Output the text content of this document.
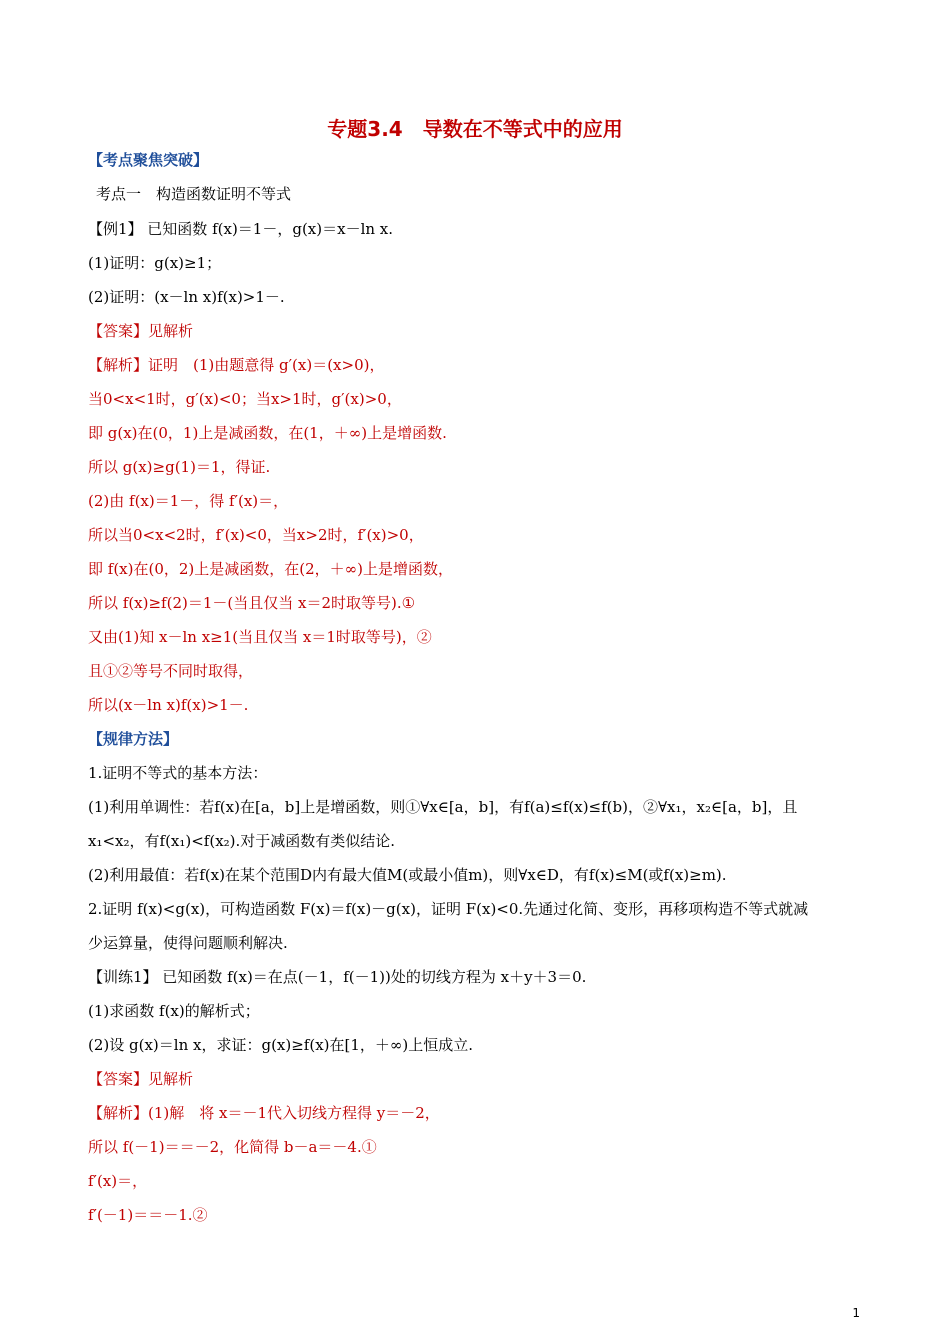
专题3.4　导数在不等式中的应用
【考点聚焦突破】
考点一　构造函数证明不等式
【例1】 已知函数 f(x)＝1－，g(x)＝x－ln x.
(1)证明：g(x)≥1；
(2)证明：(x－ln x)f(x)>1－.
【答案】见解析
【解析】证明　(1)由题意得 g′(x)＝(x>0)，
当0<x<1时，g′(x)<0；当x>1时，g′(x)>0，
即 g(x)在(0，1)上是减函数，在(1，＋∞)上是增函数.
所以 g(x)≥g(1)＝1，得证.
(2)由 f(x)＝1－，得 f′(x)＝，
所以当0<x<2时，f′(x)<0，当x>2时，f′(x)>0，
即 f(x)在(0，2)上是减函数，在(2，＋∞)上是增函数，
所以 f(x)≥f(2)＝1－(当且仅当 x＝2时取等号).①
又由(1)知 x－ln x≥1(当且仅当 x＝1时取等号)，②
且①②等号不同时取得，
所以(x－ln x)f(x)>1－.
【规律方法】
1.证明不等式的基本方法：
(1)利用单调性：若f(x)在[a，b]上是增函数，则①∀x∈[a，b]，有f(a)≤f(x)≤f(b)，②∀x₁，x₂∈[a，b]，且
x₁<x₂，有f(x₁)<f(x₂).对于减函数有类似结论.
(2)利用最值：若f(x)在某个范围D内有最大值M(或最小值m)，则∀x∈D，有f(x)≤M(或f(x)≥m).
2.证明 f(x)<g(x)，可构造函数 F(x)＝f(x)－g(x)，证明 F(x)<0.先通过化简、变形，再移项构造不等式就减
少运算量，使得问题顺利解决.
【训练1】 已知函数 f(x)＝在点(－1，f(－1))处的切线方程为 x＋y＋3＝0.
(1)求函数 f(x)的解析式；
(2)设 g(x)＝ln x，求证：g(x)≥f(x)在[1，＋∞)上恒成立.
【答案】见解析
【解析】(1)解　将 x＝－1代入切线方程得 y＝－2，
所以 f(－1)＝＝－2，化简得 b－a＝－4.①
f′(x)＝，
f′(－1)＝＝－1.②
1
